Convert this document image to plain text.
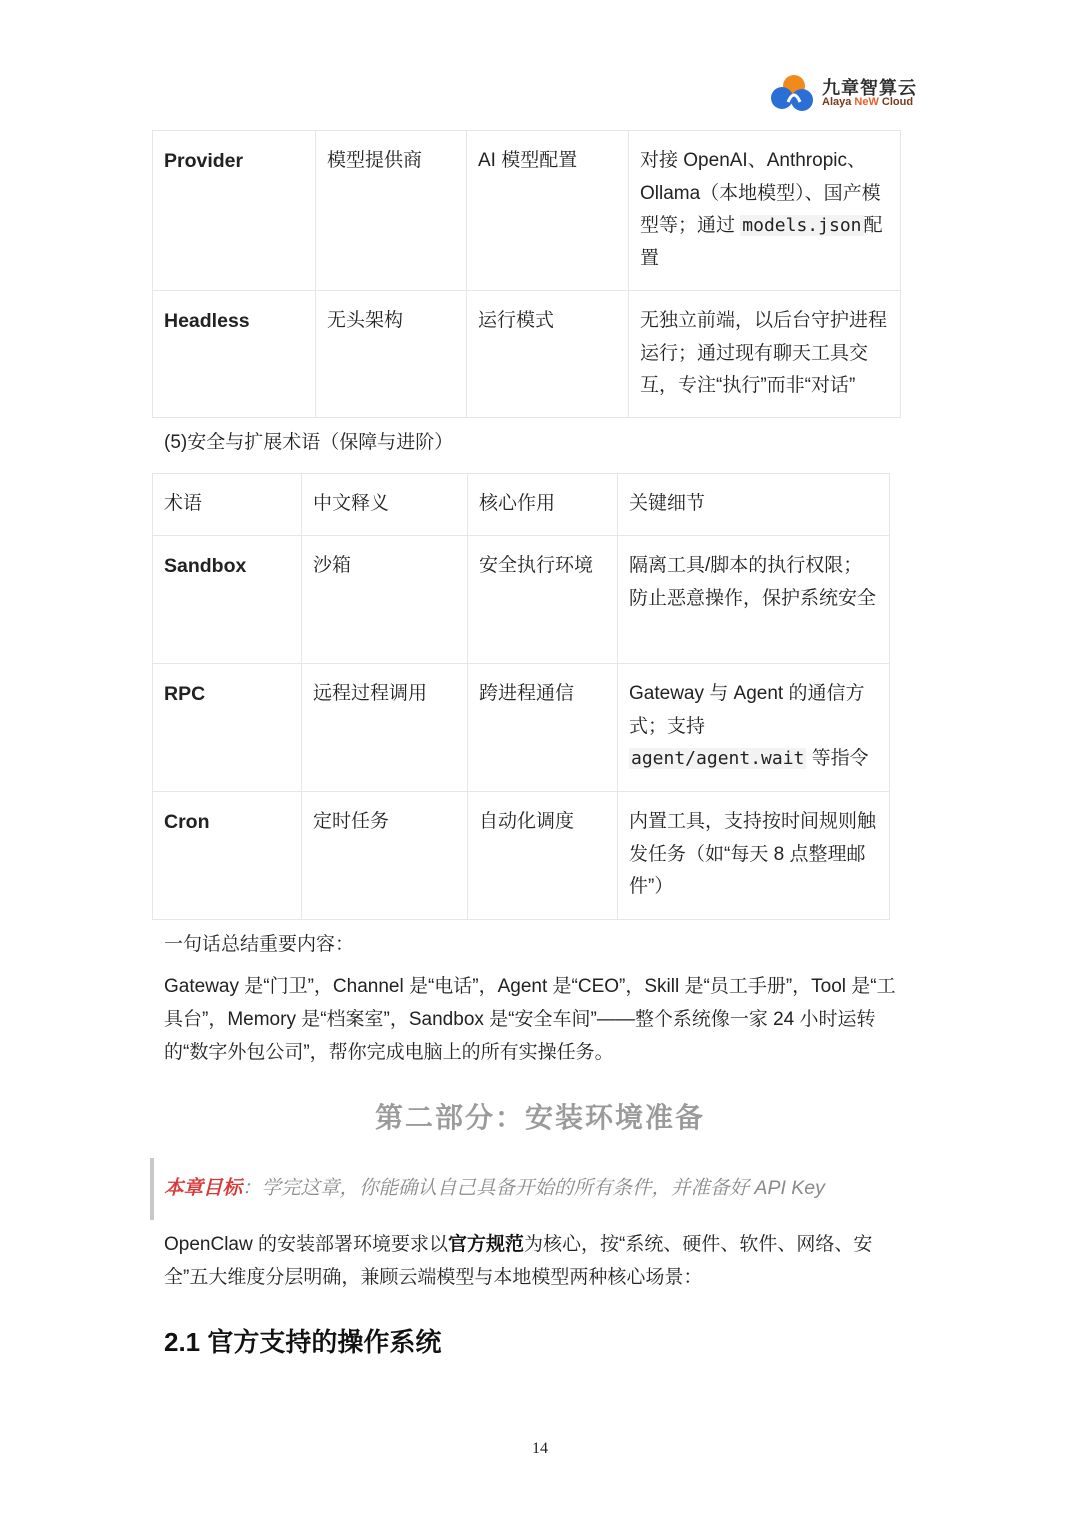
九章智算云
Alaya NeW Cloud
Provider	模型提供商	AI 模型配置	对接 OpenAI、Anthropic、Ollama（本地模型）、国产模型等；通过 models.json 配置
Headless	无头架构	运行模式	无独立前端，以后台守护进程运行；通过现有聊天工具交互，专注“执行”而非“对话”
(5)安全与扩展术语（保障与进阶）
术语	中文释义	核心作用	关键细节
Sandbox	沙箱	安全执行环境	隔离工具/脚本的执行权限；防止恶意操作，保护系统安全
RPC	远程过程调用	跨进程通信	Gateway 与 Agent 的通信方式；支持 agent/agent.wait 等指令
Cron	定时任务	自动化调度	内置工具，支持按时间规则触发任务（如“每天 8 点整理邮件”）
一句话总结重要内容：
Gateway 是“门卫”，Channel 是“电话”，Agent 是“CEO”，Skill 是“员工手册”，Tool 是“工具台”，Memory 是“档案室”，Sandbox 是“安全车间”——整个系统像一家 24 小时运转的“数字外包公司”，帮你完成电脑上的所有实操任务。
第二部分：安装环境准备
本章目标：学完这章，你能确认自己具备开始的所有条件，并准备好 API Key
OpenClaw 的安装部署环境要求以官方规范为核心，按“系统、硬件、软件、网络、安全”五大维度分层明确，兼顾云端模型与本地模型两种核心场景：
2.1 官方支持的操作系统
14
